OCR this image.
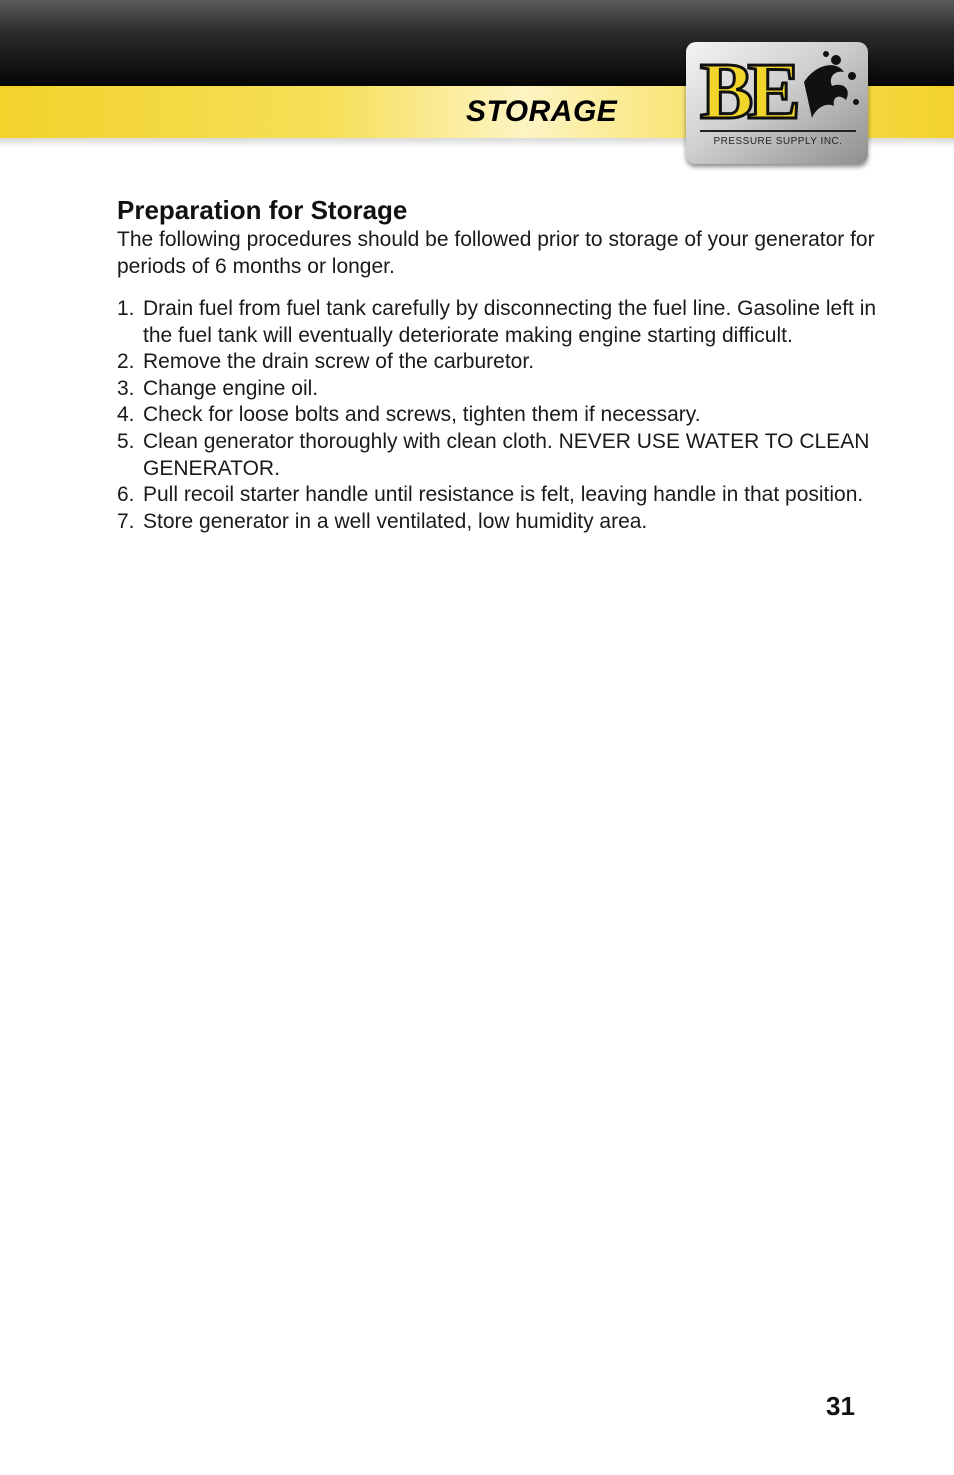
STORAGE BE
PRESSURE SUPPLY INC.
Preparation for Storage

The following procedures should be followed prior to storage of your generator for periods of 6 months or longer.

1. Drain fuel from fuel tank carefully by disconnecting the fuel line. Gasoline left in the fuel tank will eventually deteriorate making engine starting difficult.
2. Remove the drain screw of the carburetor.
3. Change engine oil.
4. Check for loose bolts and screws, tighten them if necessary.
5. Clean generator thoroughly with clean cloth. NEVER USE WATER TO CLEAN GENERATOR.
6. Pull recoil starter handle until resistance is felt, leaving handle in that position.
7. Store generator in a well ventilated, low humidity area.
31
